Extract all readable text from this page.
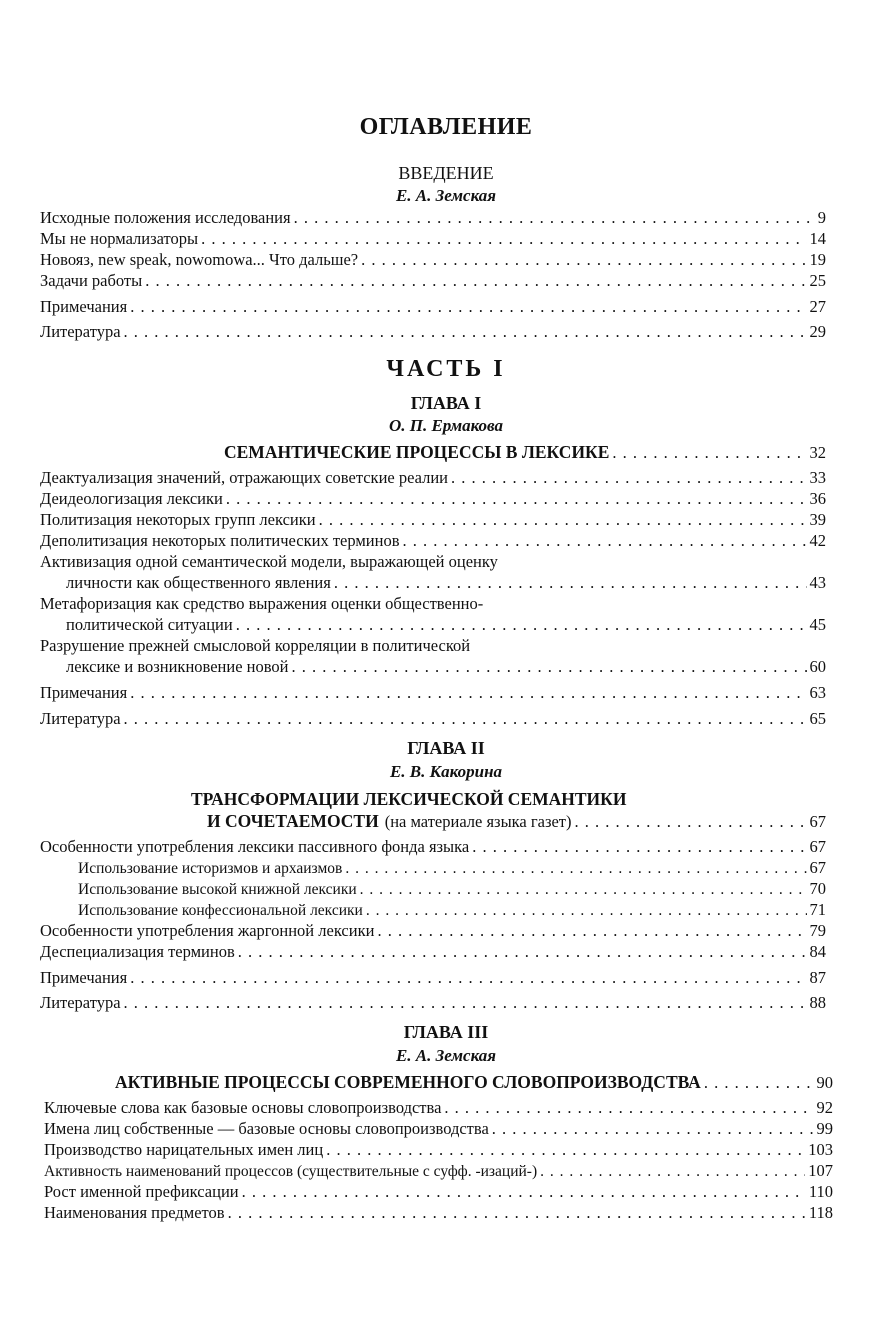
ОГЛАВЛЕНИЕ
ВВЕДЕНИЕ
Е. А. Земская
Исходные положения исследования . . .	9
Мы не нормализаторы . . .	14
Новояз, new speak, nowomowa... Что дальше? . . .	19
Задачи работы . . .	25
Примечания . . .	27
Литература . . .	29
ЧАСТЬ I
ГЛАВА I
О. П. Ермакова
СЕМАНТИЧЕСКИЕ ПРОЦЕССЫ В ЛЕКСИКЕ . . .	32
Деактуализация значений, отражающих советские реалии . . .	33
Деидеологизация лексики . . .	36
Политизация некоторых групп лексики . . .	39
Деполитизация некоторых политических терминов . . .	42
Активизация одной семантической модели, выражающей оценку
личности как общественного явления . . .	43
Метафоризация как средство выражения оценки общественно-
политической ситуации . . .	45
Разрушение прежней смысловой корреляции в политической
лексике и возникновение новой . . .	60
Примечания . . .	63
Литература . . .	65
ГЛАВА II
Е. В. Какорина
ТРАНСФОРМАЦИИ ЛЕКСИЧЕСКОЙ СЕМАНТИКИ
И СОЧЕТАЕМОСТИ (на материале языка газет) . . .	67
Особенности употребления лексики пассивного фонда языка . . .	67
Использование историзмов и архаизмов . . .	67
Использование высокой книжной лексики . . .	70
Использование конфессиональной лексики . . .	71
Особенности употребления жаргонной лексики . . .	79
Деспециализация терминов . . .	84
Примечания . . .	87
Литература . . .	88
ГЛАВА III
Е. А. Земская
АКТИВНЫЕ ПРОЦЕССЫ СОВРЕМЕННОГО СЛОВОПРОИЗВОДСТВА . . .	90
Ключевые слова как базовые основы словопроизводства . . .	92
Имена лиц собственные — базовые основы словопроизводства . . .	99
Производство нарицательных имен лиц . . .	103
Активность наименований процессов (существительные с суфф. -изаций-) . . .	107
Рост именной префиксации . . .	110
Наименования предметов . . .	118
